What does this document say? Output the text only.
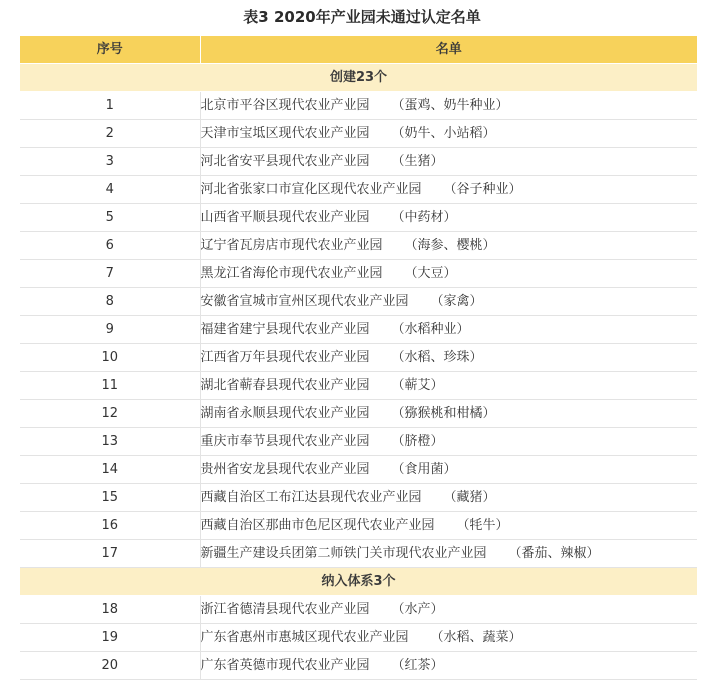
表3 2020年产业园未通过认定名单
序号	名单
创建23个	
1	北京市平谷区现代农业产业园 （蛋鸡、奶牛种业）
2	天津市宝坻区现代农业产业园 （奶牛、小站稻）
3	河北省安平县现代农业产业园 （生猪）
4	河北省张家口市宣化区现代农业产业园 （谷子种业）
5	山西省平顺县现代农业产业园 （中药材）
6	辽宁省瓦房店市现代农业产业园 （海参、樱桃）
7	黑龙江省海伦市现代农业产业园 （大豆）
8	安徽省宣城市宣州区现代农业产业园 （家禽）
9	福建省建宁县现代农业产业园 （水稻种业）
10	江西省万年县现代农业产业园 （水稻、珍珠）
11	湖北省蕲春县现代农业产业园 （蕲艾）
12	湖南省永顺县现代农业产业园 （猕猴桃和柑橘）
13	重庆市奉节县现代农业产业园 （脐橙）
14	贵州省安龙县现代农业产业园 （食用菌）
15	西藏自治区工布江达县现代农业产业园 （藏猪）
16	西藏自治区那曲市色尼区现代农业产业园 （牦牛）
17	新疆生产建设兵团第二师铁门关市现代农业产业园 （番茄、辣椒）
纳入体系3个	
18	浙江省德清县现代农业产业园 （水产）
19	广东省惠州市惠城区现代农业产业园 （水稻、蔬菜）
20	广东省英德市现代农业产业园 （红茶）
